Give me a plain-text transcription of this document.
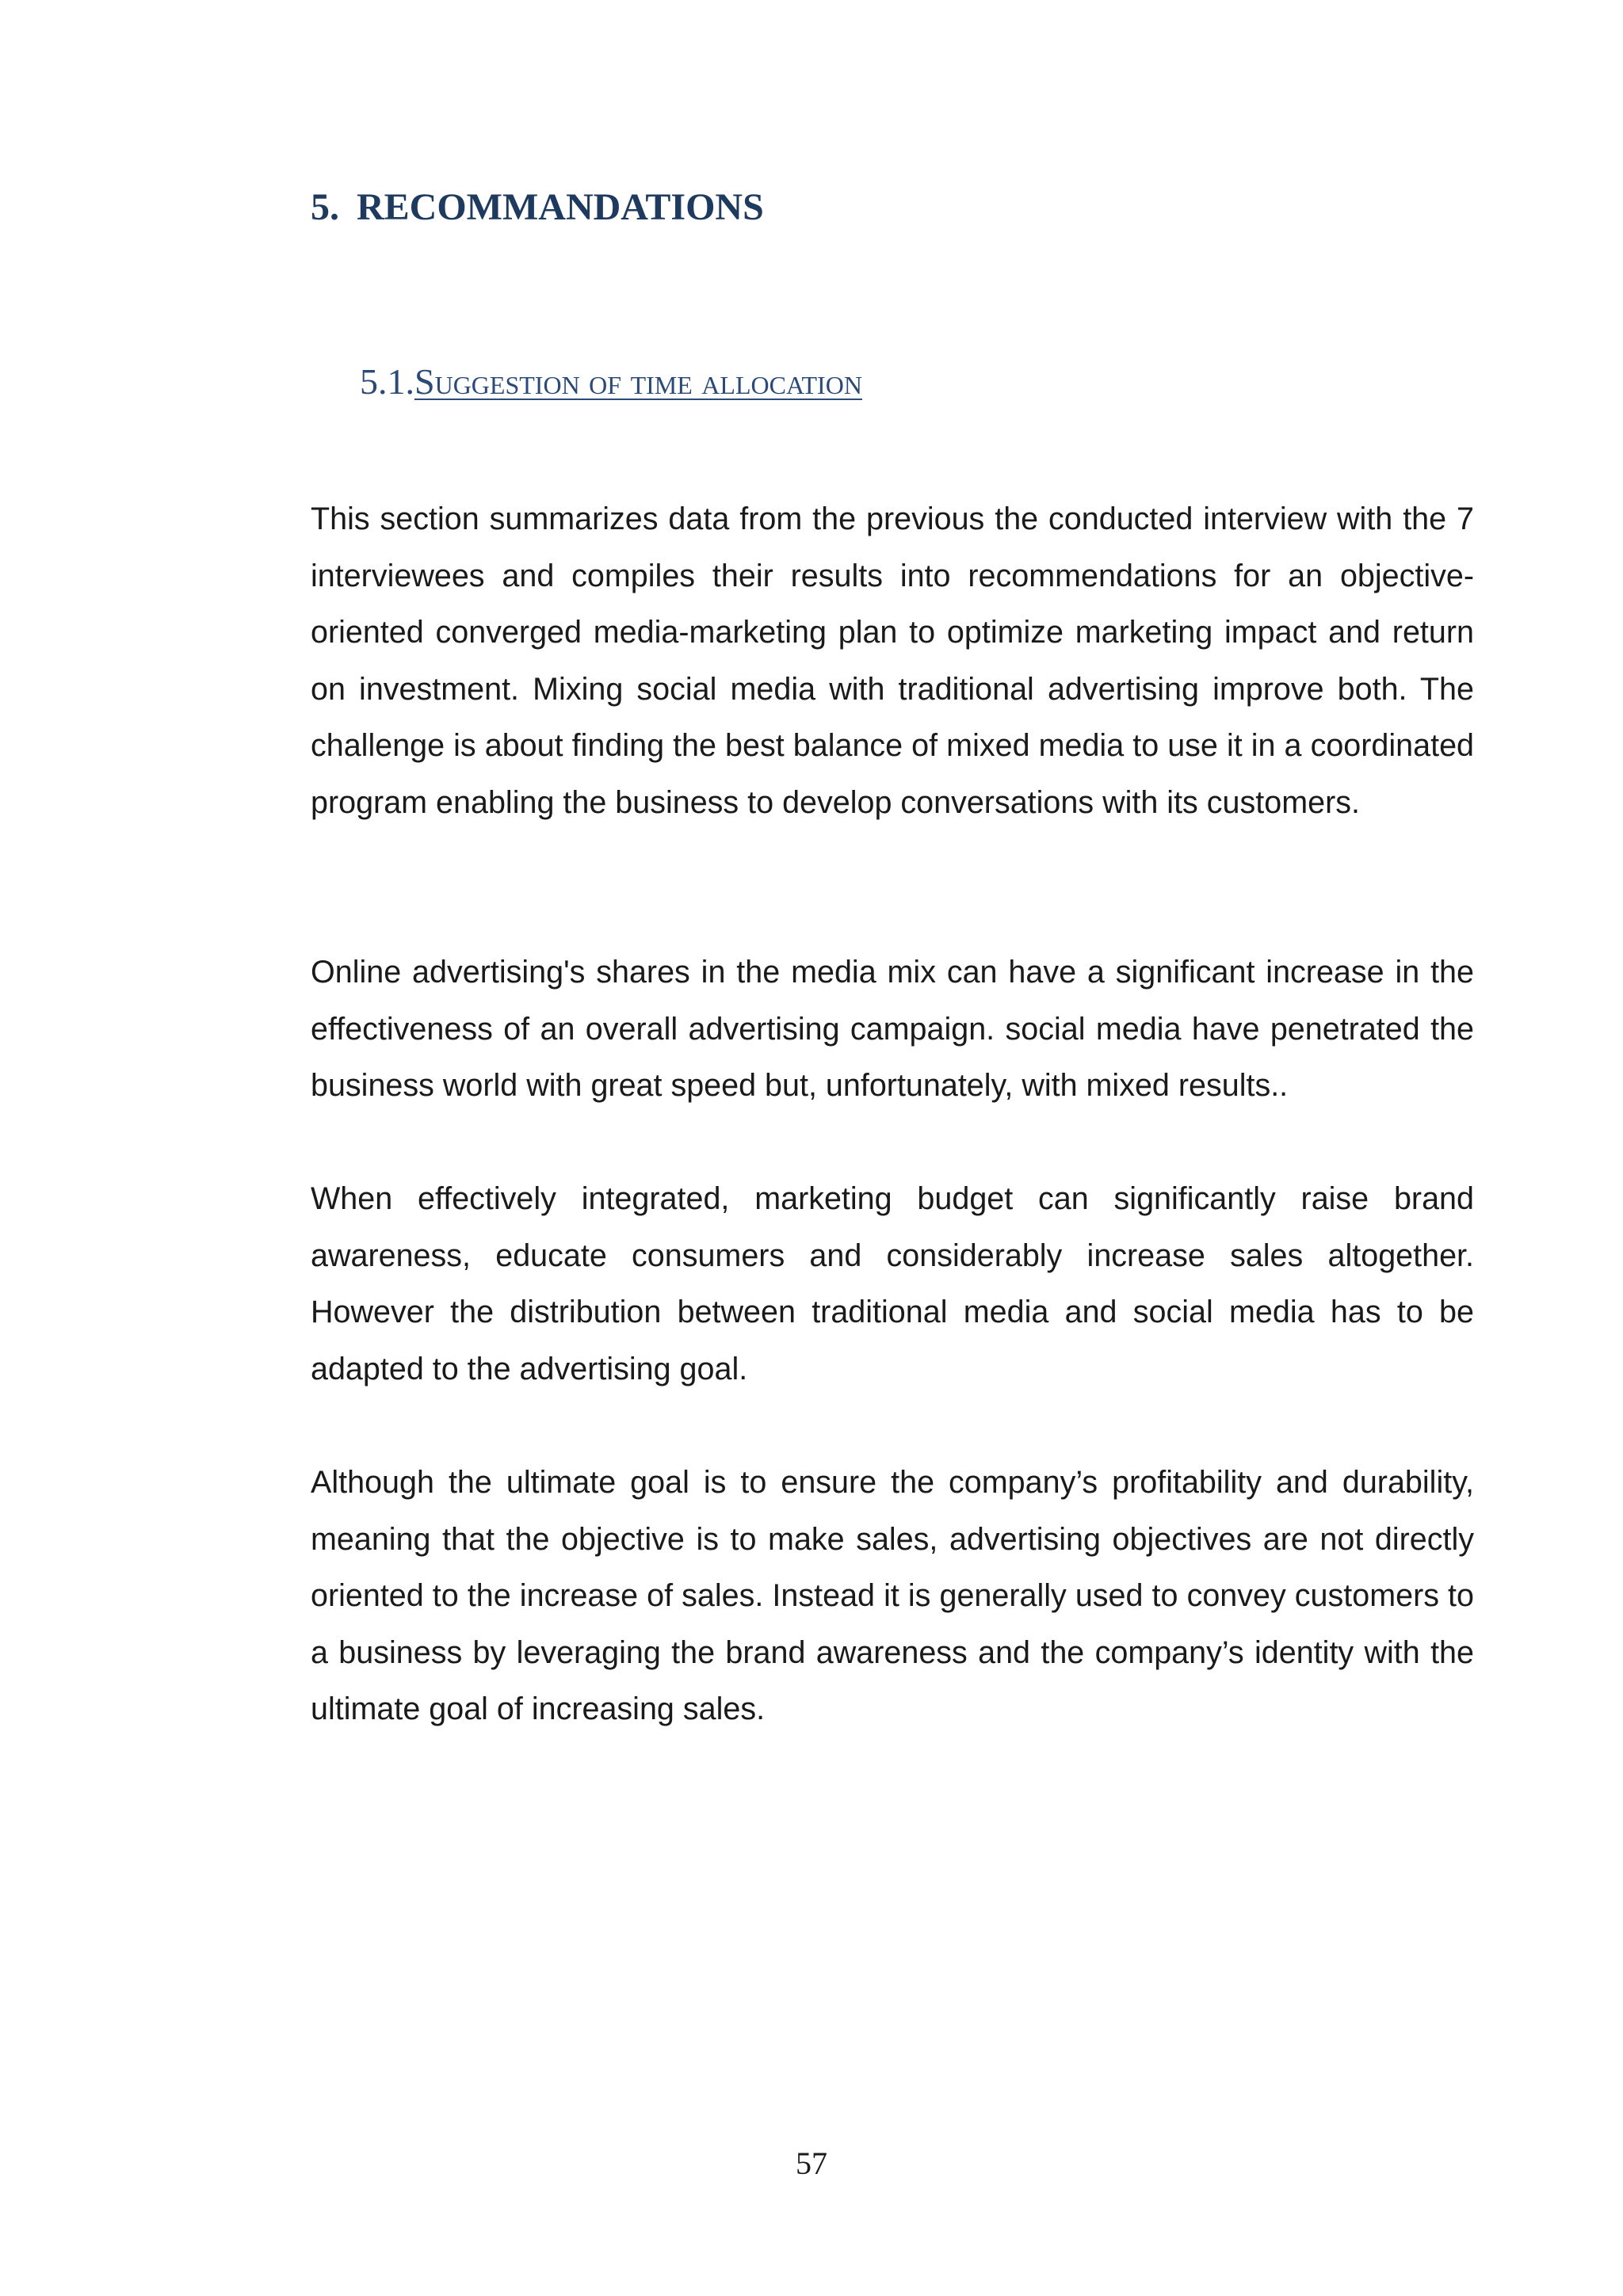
5. RECOMMANDATIONS
5.1.Suggestion of time allocation

This section summarizes data from the previous the conducted interview with the 7 interviewees and compiles their results into recommendations for an objective-oriented converged media-marketing plan to optimize marketing impact and return on investment. Mixing social media with traditional advertising improve both. The challenge is about finding the best balance of mixed media to use it in a coordinated program enabling the business to develop conversations with its customers.

Online advertising's shares in the media mix can have a significant increase in the effectiveness of an overall advertising campaign. social media have penetrated the business world with great speed but, unfortunately, with mixed results..

When effectively integrated, marketing budget can significantly raise brand awareness, educate consumers and considerably increase sales altogether. However the distribution between traditional media and social media has to be adapted to the advertising goal.

Although the ultimate goal is to ensure the company’s profitability and durability, meaning that the objective is to make sales, advertising objectives are not directly oriented to the increase of sales. Instead it is generally used to convey customers to a business by leveraging the brand awareness and the company’s identity with the ultimate goal of increasing sales.

57
